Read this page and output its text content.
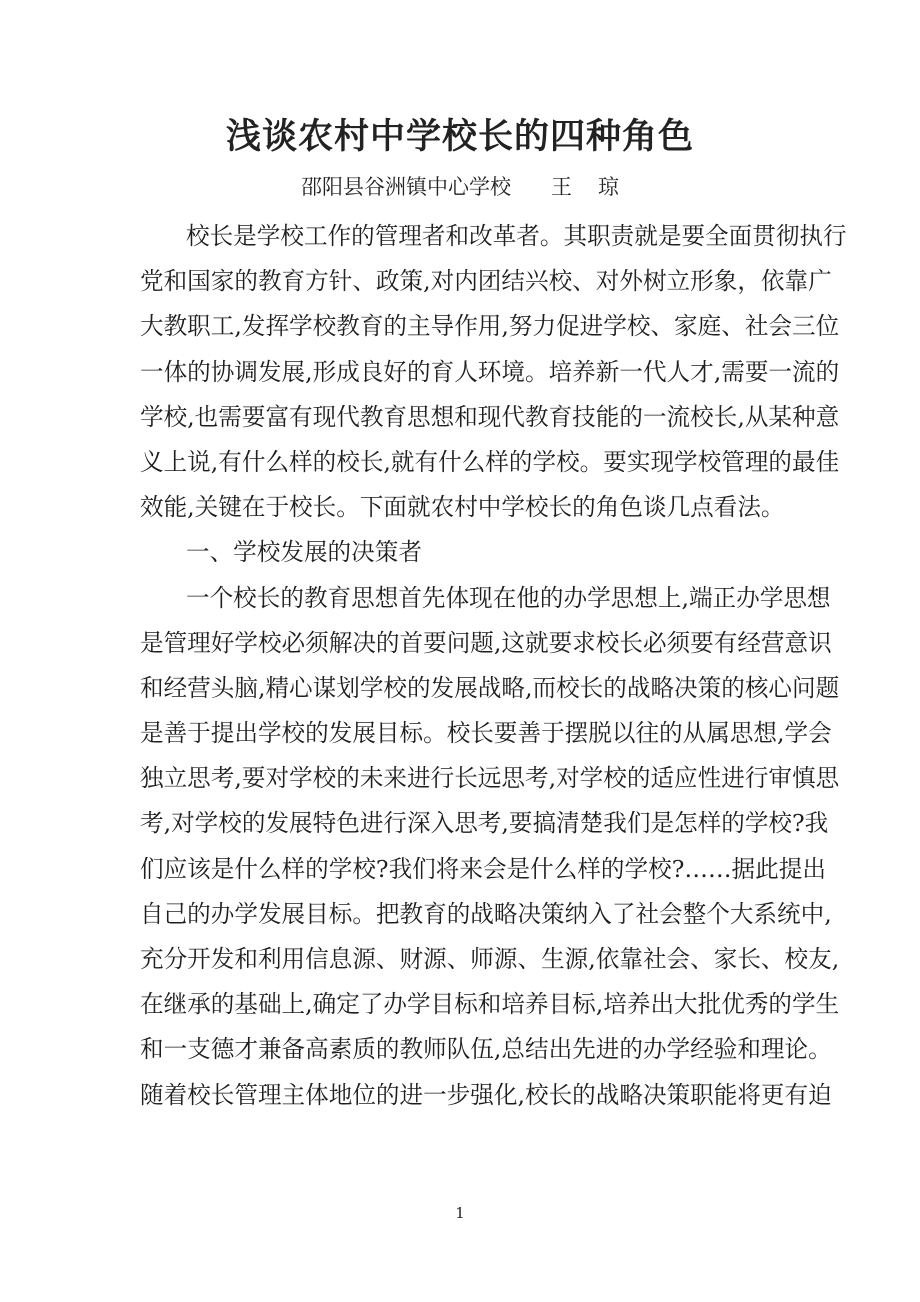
浅谈农村中学校长的四种角色
邵阳县谷洲镇中心学校 王 琼
校长是学校工作的管理者和改革者。其职责就是要全面贯彻执行
党和国家的教育方针、政策,对内团结兴校、对外树立形象，依靠广
大教职工,发挥学校教育的主导作用,努力促进学校、家庭、社会三位
一体的协调发展,形成良好的育人环境。培养新一代人才,需要一流的
学校,也需要富有现代教育思想和现代教育技能的一流校长,从某种意
义上说,有什么样的校长,就有什么样的学校。要实现学校管理的最佳
效能,关键在于校长。下面就农村中学校长的角色谈几点看法。
一、学校发展的决策者
一个校长的教育思想首先体现在他的办学思想上,端正办学思想
是管理好学校必须解决的首要问题,这就要求校长必须要有经营意识
和经营头脑,精心谋划学校的发展战略,而校长的战略决策的核心问题
是善于提出学校的发展目标。校长要善于摆脱以往的从属思想,学会
独立思考,要对学校的未来进行长远思考,对学校的适应性进行审慎思
考,对学校的发展特色进行深入思考,要搞清楚我们是怎样的学校?我
们应该是什么样的学校?我们将来会是什么样的学校?……据此提出
自己的办学发展目标。把教育的战略决策纳入了社会整个大系统中,
充分开发和利用信息源、财源、师源、生源,依靠社会、家长、校友,
在继承的基础上,确定了办学目标和培养目标,培养出大批优秀的学生
和一支德才兼备高素质的教师队伍,总结出先进的办学经验和理论。
随着校长管理主体地位的进一步强化,校长的战略决策职能将更有迫
1
